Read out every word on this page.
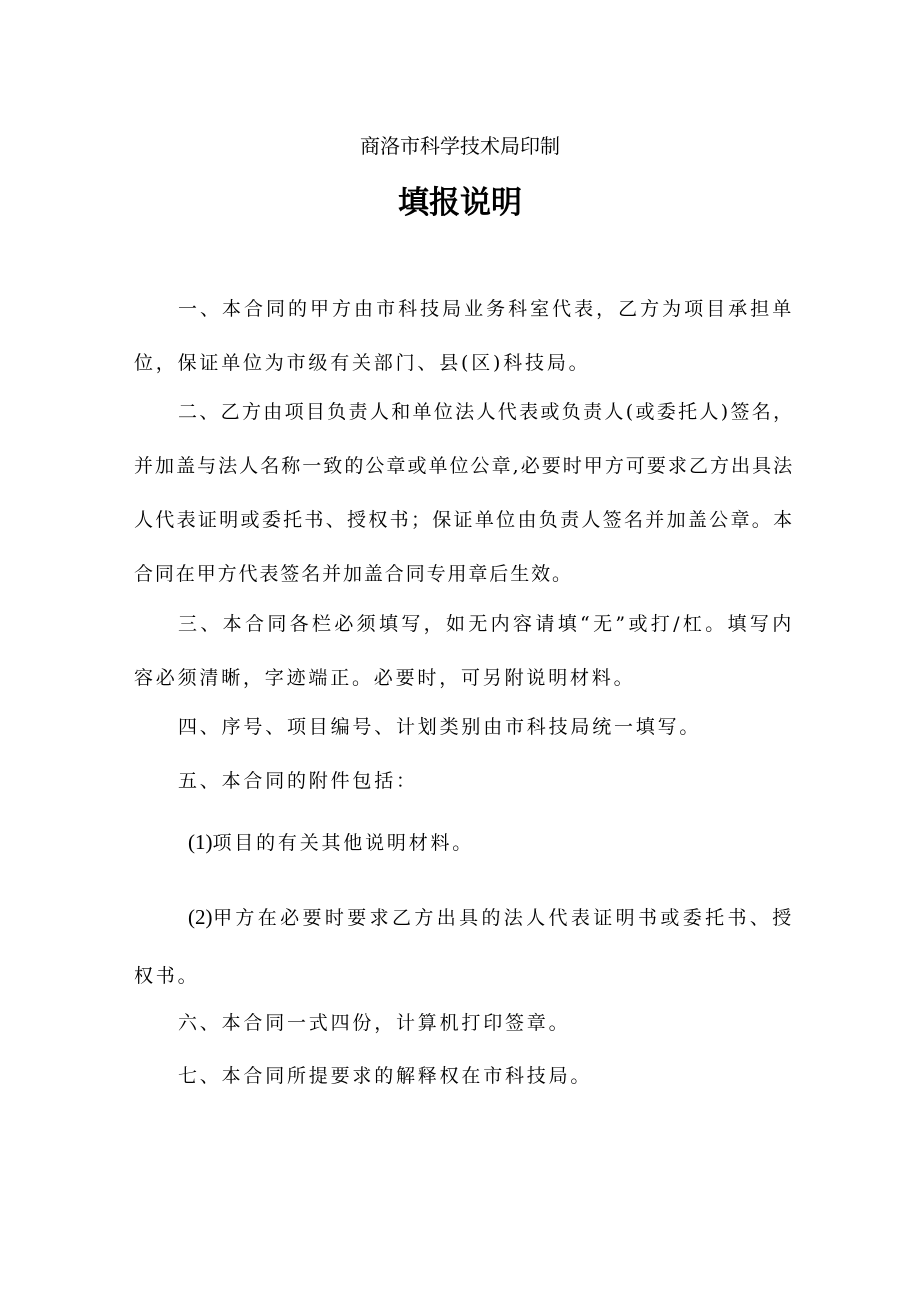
商洛市科学技术局印制
填报说明

一、本合同的甲方由市科技局业务科室代表，乙方为项目承担单位，保证单位为市级有关部门、县(区)科技局。

二、乙方由项目负责人和单位法人代表或负责人(或委托人)签名，并加盖与法人名称一致的公章或单位公章,必要时甲方可要求乙方出具法人代表证明或委托书、授权书；保证单位由负责人签名并加盖公章。本合同在甲方代表签名并加盖合同专用章后生效。

三、本合同各栏必须填写，如无内容请填“无”或打/杠。填写内容必须清晰，字迹端正。必要时，可另附说明材料。

四、序号、项目编号、计划类别由市科技局统一填写。

五、本合同的附件包括：

(1)项目的有关其他说明材料。

(2)甲方在必要时要求乙方出具的法人代表证明书或委托书、授权书。

六、本合同一式四份，计算机打印签章。

七、本合同所提要求的解释权在市科技局。
